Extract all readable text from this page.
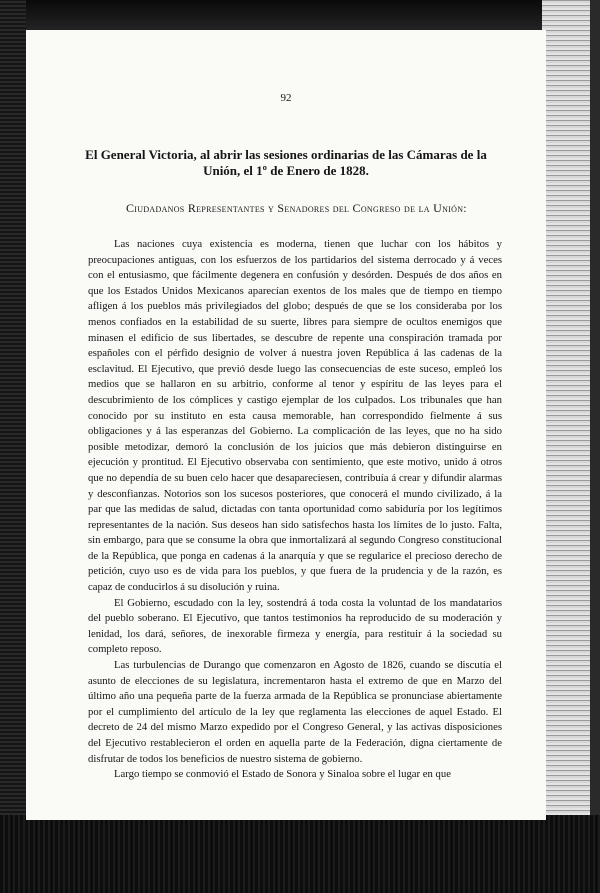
92
El General Victoria, al abrir las sesiones ordinarias de las Cámaras de la Unión, el 1º de Enero de 1828.

Ciudadanos Representantes y Senadores del Congreso de la Unión:

Las naciones cuya existencia es moderna, tienen que luchar con los hábitos y preocupaciones antiguas, con los esfuerzos de los partidarios del sistema derrocado y á veces con el entusiasmo, que fácilmente degenera en confusión y desórden. Después de dos años en que los Estados Unidos Mexicanos aparecían exentos de los males que de tiempo en tiempo afligen á los pueblos más privilegiados del globo; después de que se los consideraba por los menos confiados en la estabilidad de su suerte, libres para siempre de ocultos enemigos que minasen el edificio de sus libertades, se descubre de repente una conspiración tramada por españoles con el pérfido designio de volver á nuestra joven República á las cadenas de la esclavitud. El Ejecutivo, que previó desde luego las consecuencias de este suceso, empleó los medios que se hallaron en su arbitrio, conforme al tenor y espíritu de las leyes para el descubrimiento de los cómplices y castigo ejemplar de los culpados. Los tribunales que han conocido por su instituto en esta causa memorable, han correspondido fielmente á sus obligaciones y á las esperanzas del Gobierno. La complicación de las leyes, que no ha sido posible metodizar, demoró la conclusión de los juicios que más debieron distinguirse en ejecución y prontitud. El Ejecutivo observaba con sentimiento, que este motivo, unido á otros que no dependía de su buen celo hacer que desapareciesen, contribuía á crear y difundir alarmas y desconfianzas. Notorios son los sucesos posteriores, que conocerá el mundo civilizado, á la par que las medidas de salud, dictadas con tanta oportunidad como sabiduría por los legítimos representantes de la nación. Sus deseos han sido satisfechos hasta los límites de lo justo. Falta, sin embargo, para que se consume la obra que inmortalizará al segundo Congreso constitucional de la República, que ponga en cadenas á la anarquía y que se regularice el precioso derecho de petición, cuyo uso es de vida para los pueblos, y que fuera de la prudencia y de la razón, es capaz de conducirlos á su disolución y ruina.

El Gobierno, escudado con la ley, sostendrá á toda costa la voluntad de los mandatarios del pueblo soberano. El Ejecutivo, que tantos testimonios ha reproducido de su moderación y lenidad, los dará, señores, de inexorable firmeza y energía, para restituir á la sociedad su completo reposo.

Las turbulencias de Durango que comenzaron en Agosto de 1826, cuando se discutía el asunto de elecciones de su legislatura, incrementaron hasta el extremo de que en Marzo del último año una pequeña parte de la fuerza armada de la República se pronunciase abiertamente por el cumplimiento del artículo de la ley que reglamenta las elecciones de aquel Estado. El decreto de 24 del mismo Marzo expedido por el Congreso General, y las activas disposiciones del Ejecutivo restablecieron el orden en aquella parte de la Federación, digna ciertamente de disfrutar de todos los beneficios de nuestro sistema de gobierno.

Largo tiempo se conmovió el Estado de Sonora y Sinaloa sobre el lugar en que
